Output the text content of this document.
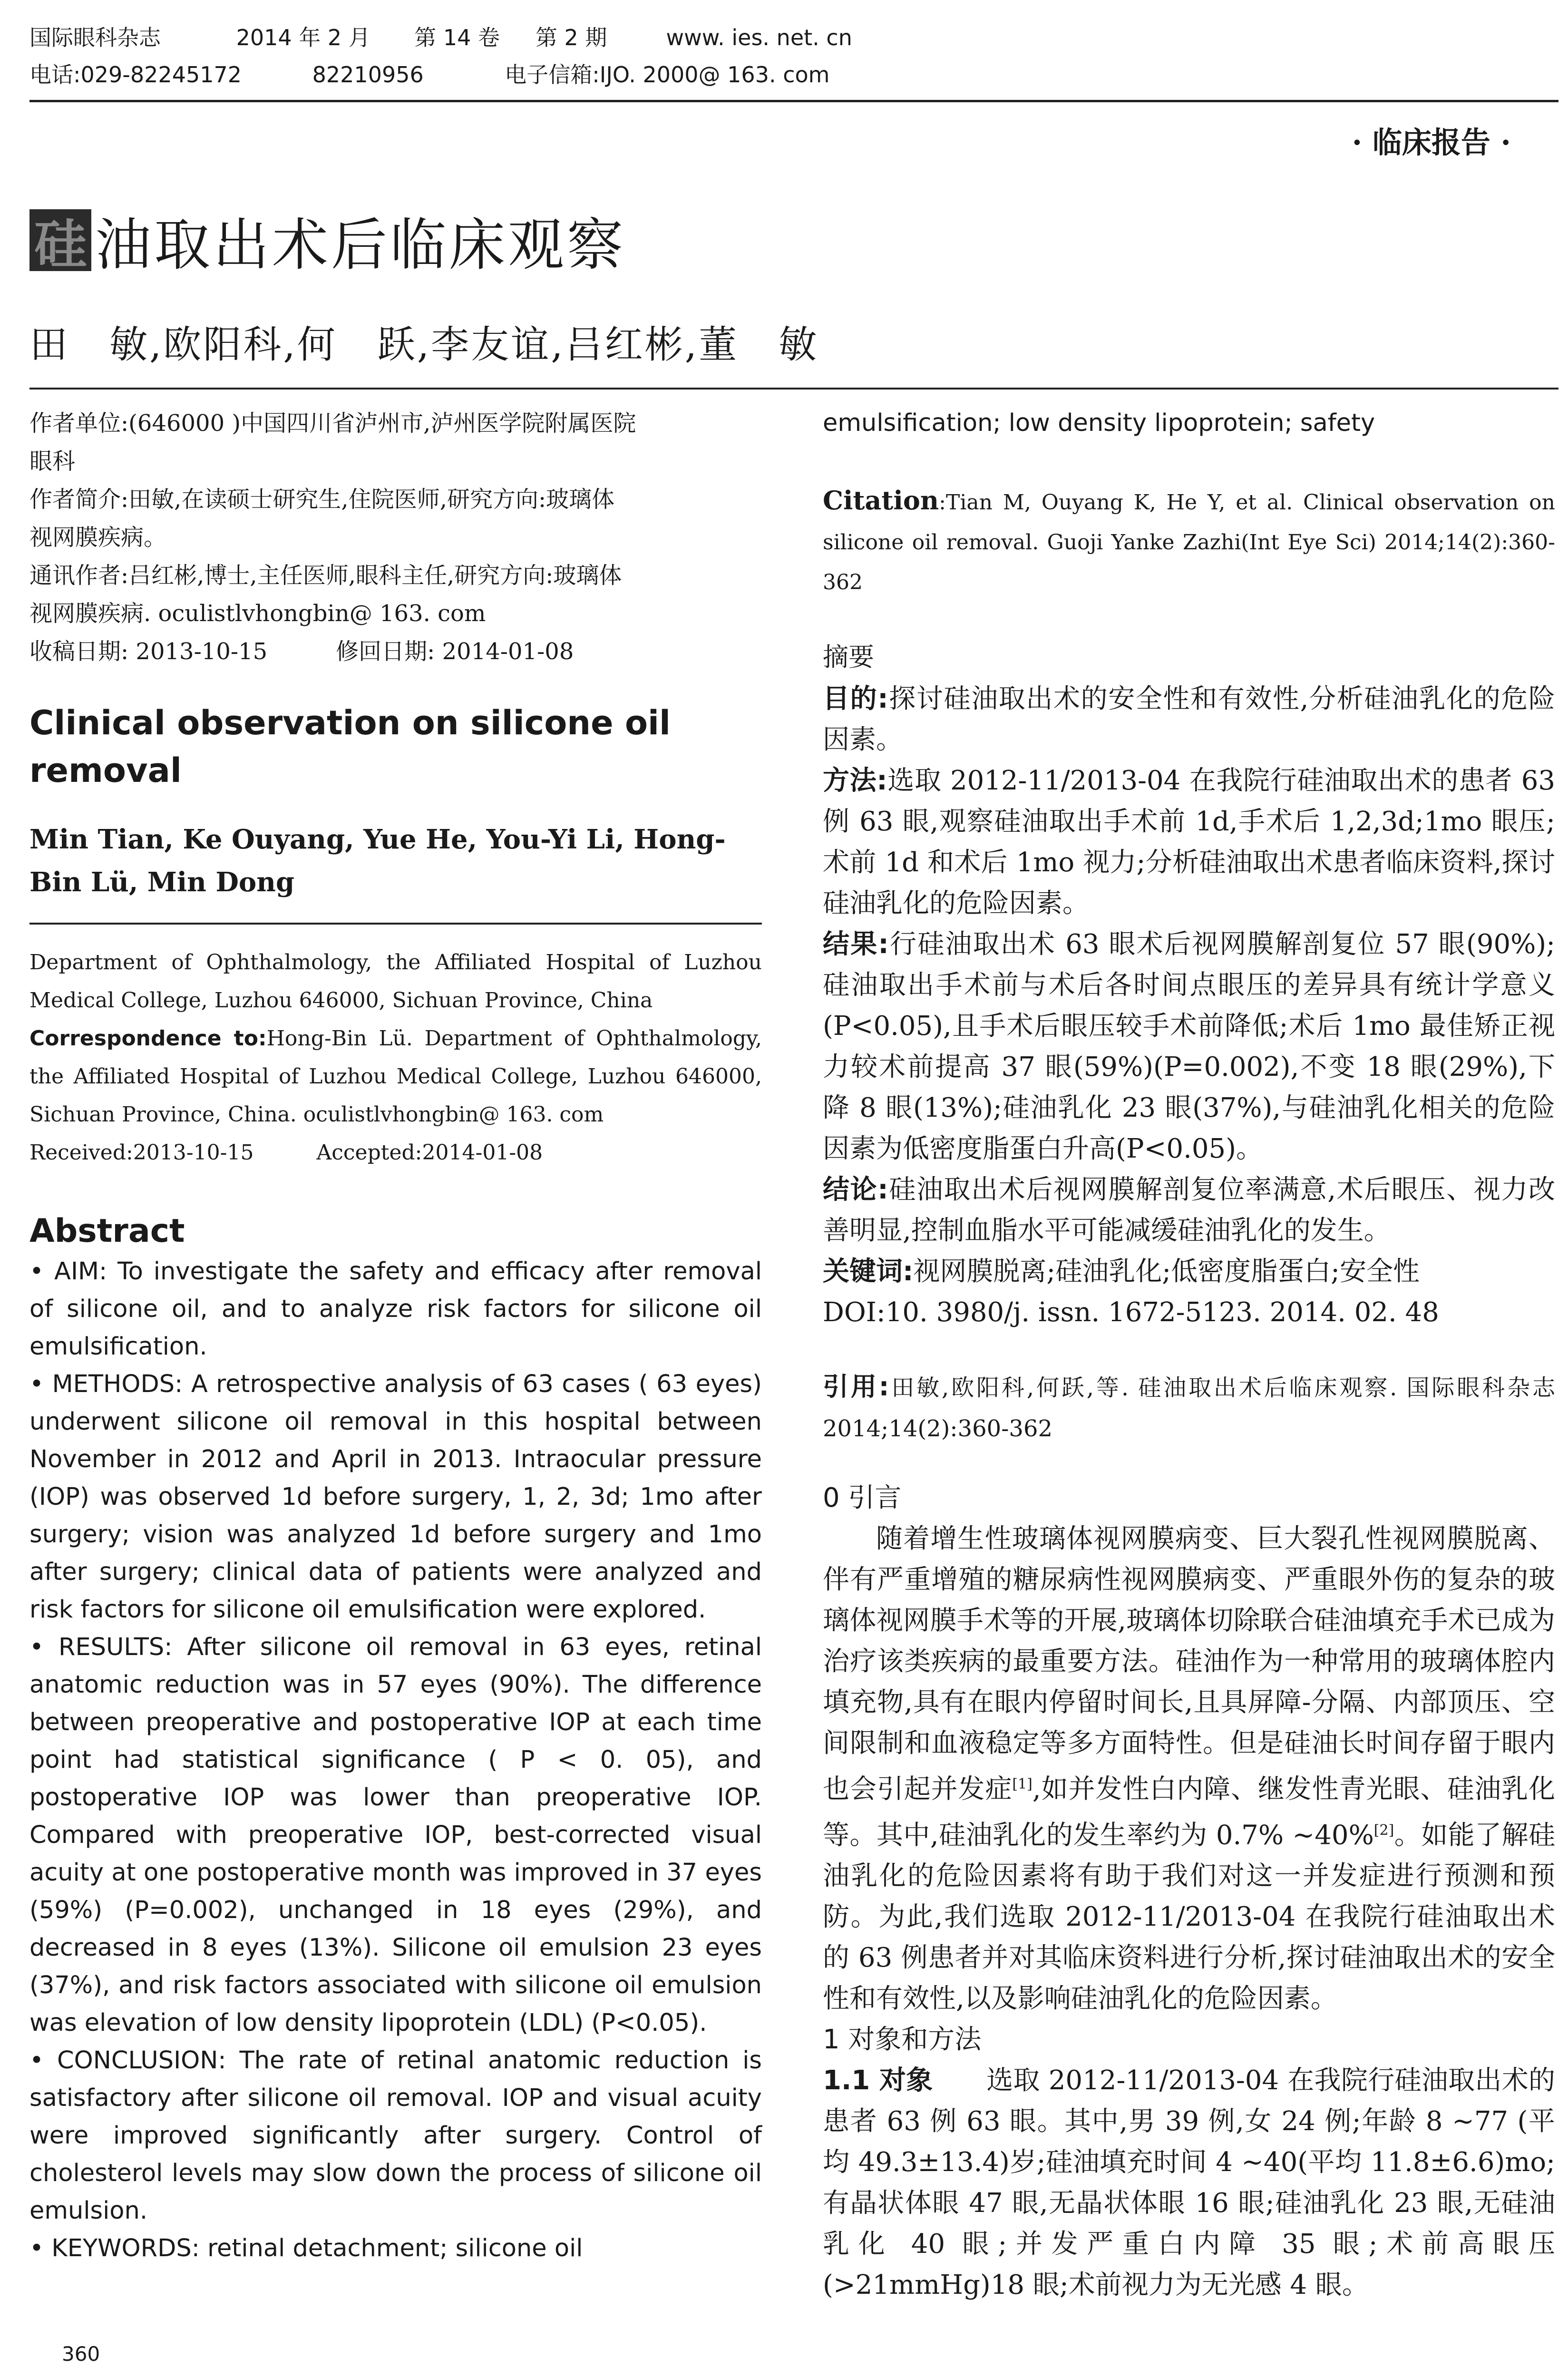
国际眼科杂志	2014 年 2 月 第 14 卷 第 2 期	www. ies. net. cn
电话:029-82245172	82210956	电子信箱:IJO. 2000@ 163. com
· 临床报告 ·
硅 油取出术后临床观察
田　敏,欧阳科,何　跃,李友谊,吕红彬,董　敏

作者单位:(646000 )中国四川省泸州市,泸州医学院附属医院

眼科

作者简介:田敏,在读硕士研究生,住院医师,研究方向:玻璃体

视网膜疾病。

通讯作者:吕红彬,博士,主任医师,眼科主任,研究方向:玻璃体

视网膜疾病. oculistlvhongbin@ 163. com

收稿日期: 2013-10-15　　　修回日期: 2014-01-08

Clinical observation on silicone oil removal
Min Tian, Ke Ouyang, Yue He, You-Yi Li, Hong-Bin Lü, Min Dong

Department of Ophthalmology, the Affiliated Hospital of Luzhou Medical College, Luzhou 646000, Sichuan Province, China

Correspondence to:Hong-Bin Lü. Department of Ophthalmology, the Affiliated Hospital of Luzhou Medical College, Luzhou 646000, Sichuan Province, China. oculistlvhongbin@ 163. com

Received:2013-10-15　　　Accepted:2014-01-08

Abstract

• AIM: To investigate the safety and efficacy after removal of silicone oil, and to analyze risk factors for silicone oil emulsification.

• METHODS: A retrospective analysis of 63 cases ( 63 eyes) underwent silicone oil removal in this hospital between November in 2012 and April in 2013. Intraocular pressure (IOP) was observed 1d before surgery, 1, 2, 3d; 1mo after surgery; vision was analyzed 1d before surgery and 1mo after surgery; clinical data of patients were analyzed and risk factors for silicone oil emulsification were explored.

• RESULTS: After silicone oil removal in 63 eyes, retinal anatomic reduction was in 57 eyes (90%). The difference between preoperative and postoperative IOP at each time point had statistical significance ( P < 0. 05), and postoperative IOP was lower than preoperative IOP. Compared with preoperative IOP, best-corrected visual acuity at one postoperative month was improved in 37 eyes (59%) (P=0.002), unchanged in 18 eyes (29%), and decreased in 8 eyes (13%). Silicone oil emulsion 23 eyes (37%), and risk factors associated with silicone oil emulsion was elevation of low density lipoprotein (LDL) (P<0.05).

• CONCLUSION: The rate of retinal anatomic reduction is satisfactory after silicone oil removal. IOP and visual acuity were improved significantly after surgery. Control of cholesterol levels may slow down the process of silicone oil emulsion.

• KEYWORDS: retinal detachment; silicone oil

360

emulsification; low density lipoprotein; safety

Citation:Tian M, Ouyang K, He Y, et al. Clinical observation on silicone oil removal. Guoji Yanke Zazhi(Int Eye Sci) 2014;14(2):360-362
摘要

目的:探讨硅油取出术的安全性和有效性,分析硅油乳化的危险因素。

方法:选取 2012-11/2013-04 在我院行硅油取出术的患者 63 例 63 眼,观察硅油取出手术前 1d,手术后 1,2,3d;1mo 眼压;术前 1d 和术后 1mo 视力;分析硅油取出术患者临床资料,探讨硅油乳化的危险因素。

结果:行硅油取出术 63 眼术后视网膜解剖复位 57 眼(90%);硅油取出手术前与术后各时间点眼压的差异具有统计学意义(P<0.05),且手术后眼压较手术前降低;术后 1mo 最佳矫正视力较术前提高 37 眼(59%)(P=0.002),不变 18 眼(29%),下降 8 眼(13%);硅油乳化 23 眼(37%),与硅油乳化相关的危险因素为低密度脂蛋白升高(P<0.05)。

结论:硅油取出术后视网膜解剖复位率满意,术后眼压、视力改善明显,控制血脂水平可能减缓硅油乳化的发生。

关键词:视网膜脱离;硅油乳化;低密度脂蛋白;安全性

DOI:10. 3980/j. issn. 1672-5123. 2014. 02. 48

引用:田敏,欧阳科,何跃,等. 硅油取出术后临床观察. 国际眼科杂志 2014;14(2):360-362
0 引言

随着增生性玻璃体视网膜病变、巨大裂孔性视网膜脱离、伴有严重增殖的糖尿病性视网膜病变、严重眼外伤的复杂的玻璃体视网膜手术等的开展,玻璃体切除联合硅油填充手术已成为治疗该类疾病的最重要方法。硅油作为一种常用的玻璃体腔内填充物,具有在眼内停留时间长,且具屏障-分隔、内部顶压、空间限制和血液稳定等多方面特性。但是硅油长时间存留于眼内也会引起并发症[1],如并发性白内障、继发性青光眼、硅油乳化等。其中,硅油乳化的发生率约为 0.7% ~40%[2]。如能了解硅油乳化的危险因素将有助于我们对这一并发症进行预测和预防。为此,我们选取 2012-11/2013-04 在我院行硅油取出术的 63 例患者并对其临床资料进行分析,探讨硅油取出术的安全性和有效性,以及影响硅油乳化的危险因素。

1 对象和方法

1.1 对象　　 选取 2012-11/2013-04 在我院行硅油取出术的患者 63 例 63 眼。其中,男 39 例,女 24 例;年龄 8 ~77 (平均 49.3±13.4)岁;硅油填充时间 4 ~40(平均 11.8±6.6)mo;有晶状体眼 47 眼,无晶状体眼 16 眼;硅油乳化 23 眼,无硅油乳化 40 眼;并发严重白内障 35 眼;术前高眼压(>21mmHg)18 眼;术前视力为无光感 4 眼。
